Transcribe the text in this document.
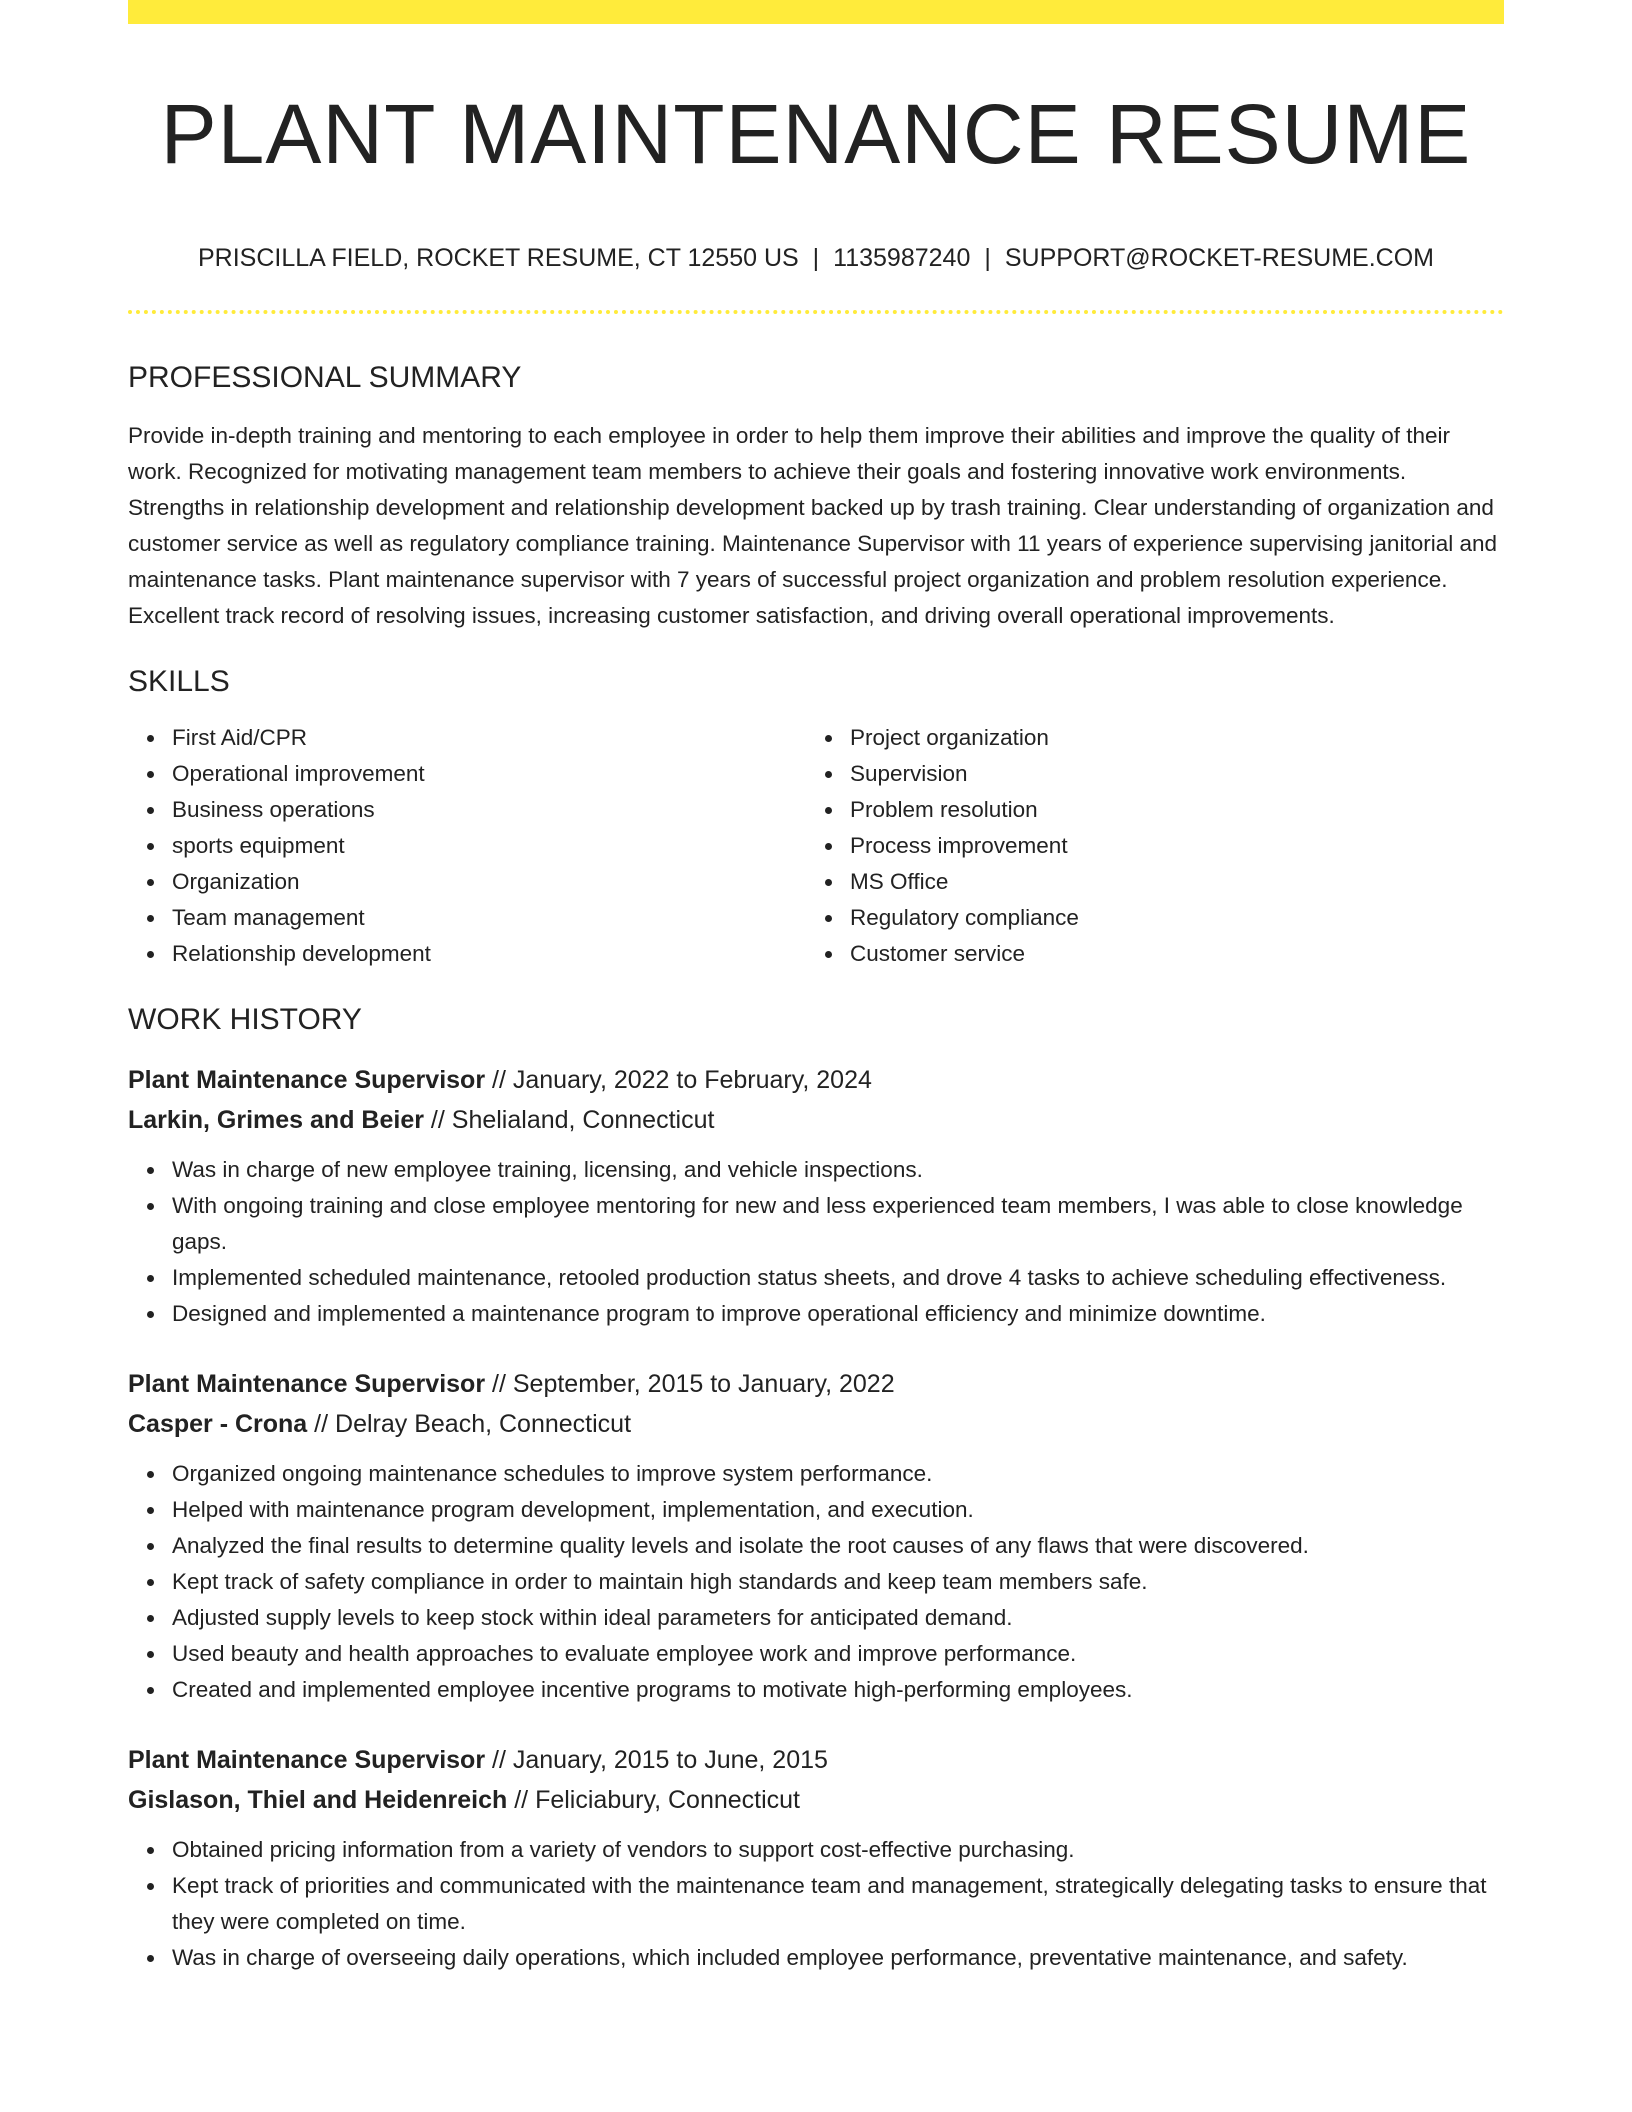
PLANT MAINTENANCE RESUME
PRISCILLA FIELD, ROCKET RESUME, CT 12550 US | 1135987240 | SUPPORT@ROCKET-RESUME.COM
PROFESSIONAL SUMMARY
Provide in-depth training and mentoring to each employee in order to help them improve their abilities and improve the quality of their work. Recognized for motivating management team members to achieve their goals and fostering innovative work environments. Strengths in relationship development and relationship development backed up by trash training. Clear understanding of organization and customer service as well as regulatory compliance training. Maintenance Supervisor with 11 years of experience supervising janitorial and maintenance tasks. Plant maintenance supervisor with 7 years of successful project organization and problem resolution experience. Excellent track record of resolving issues, increasing customer satisfaction, and driving overall operational improvements.
SKILLS
First Aid/CPR
Operational improvement
Business operations
sports equipment
Organization
Team management
Relationship development
Project organization
Supervision
Problem resolution
Process improvement
MS Office
Regulatory compliance
Customer service
WORK HISTORY
Plant Maintenance Supervisor // January, 2022 to February, 2024
Larkin, Grimes and Beier // Shelialand, Connecticut
Was in charge of new employee training, licensing, and vehicle inspections.
With ongoing training and close employee mentoring for new and less experienced team members, I was able to close knowledge gaps.
Implemented scheduled maintenance, retooled production status sheets, and drove 4 tasks to achieve scheduling effectiveness.
Designed and implemented a maintenance program to improve operational efficiency and minimize downtime.
Plant Maintenance Supervisor // September, 2015 to January, 2022
Casper - Crona // Delray Beach, Connecticut
Organized ongoing maintenance schedules to improve system performance.
Helped with maintenance program development, implementation, and execution.
Analyzed the final results to determine quality levels and isolate the root causes of any flaws that were discovered.
Kept track of safety compliance in order to maintain high standards and keep team members safe.
Adjusted supply levels to keep stock within ideal parameters for anticipated demand.
Used beauty and health approaches to evaluate employee work and improve performance.
Created and implemented employee incentive programs to motivate high-performing employees.
Plant Maintenance Supervisor // January, 2015 to June, 2015
Gislason, Thiel and Heidenreich // Feliciabury, Connecticut
Obtained pricing information from a variety of vendors to support cost-effective purchasing.
Kept track of priorities and communicated with the maintenance team and management, strategically delegating tasks to ensure that they were completed on time.
Was in charge of overseeing daily operations, which included employee performance, preventative maintenance, and safety.
